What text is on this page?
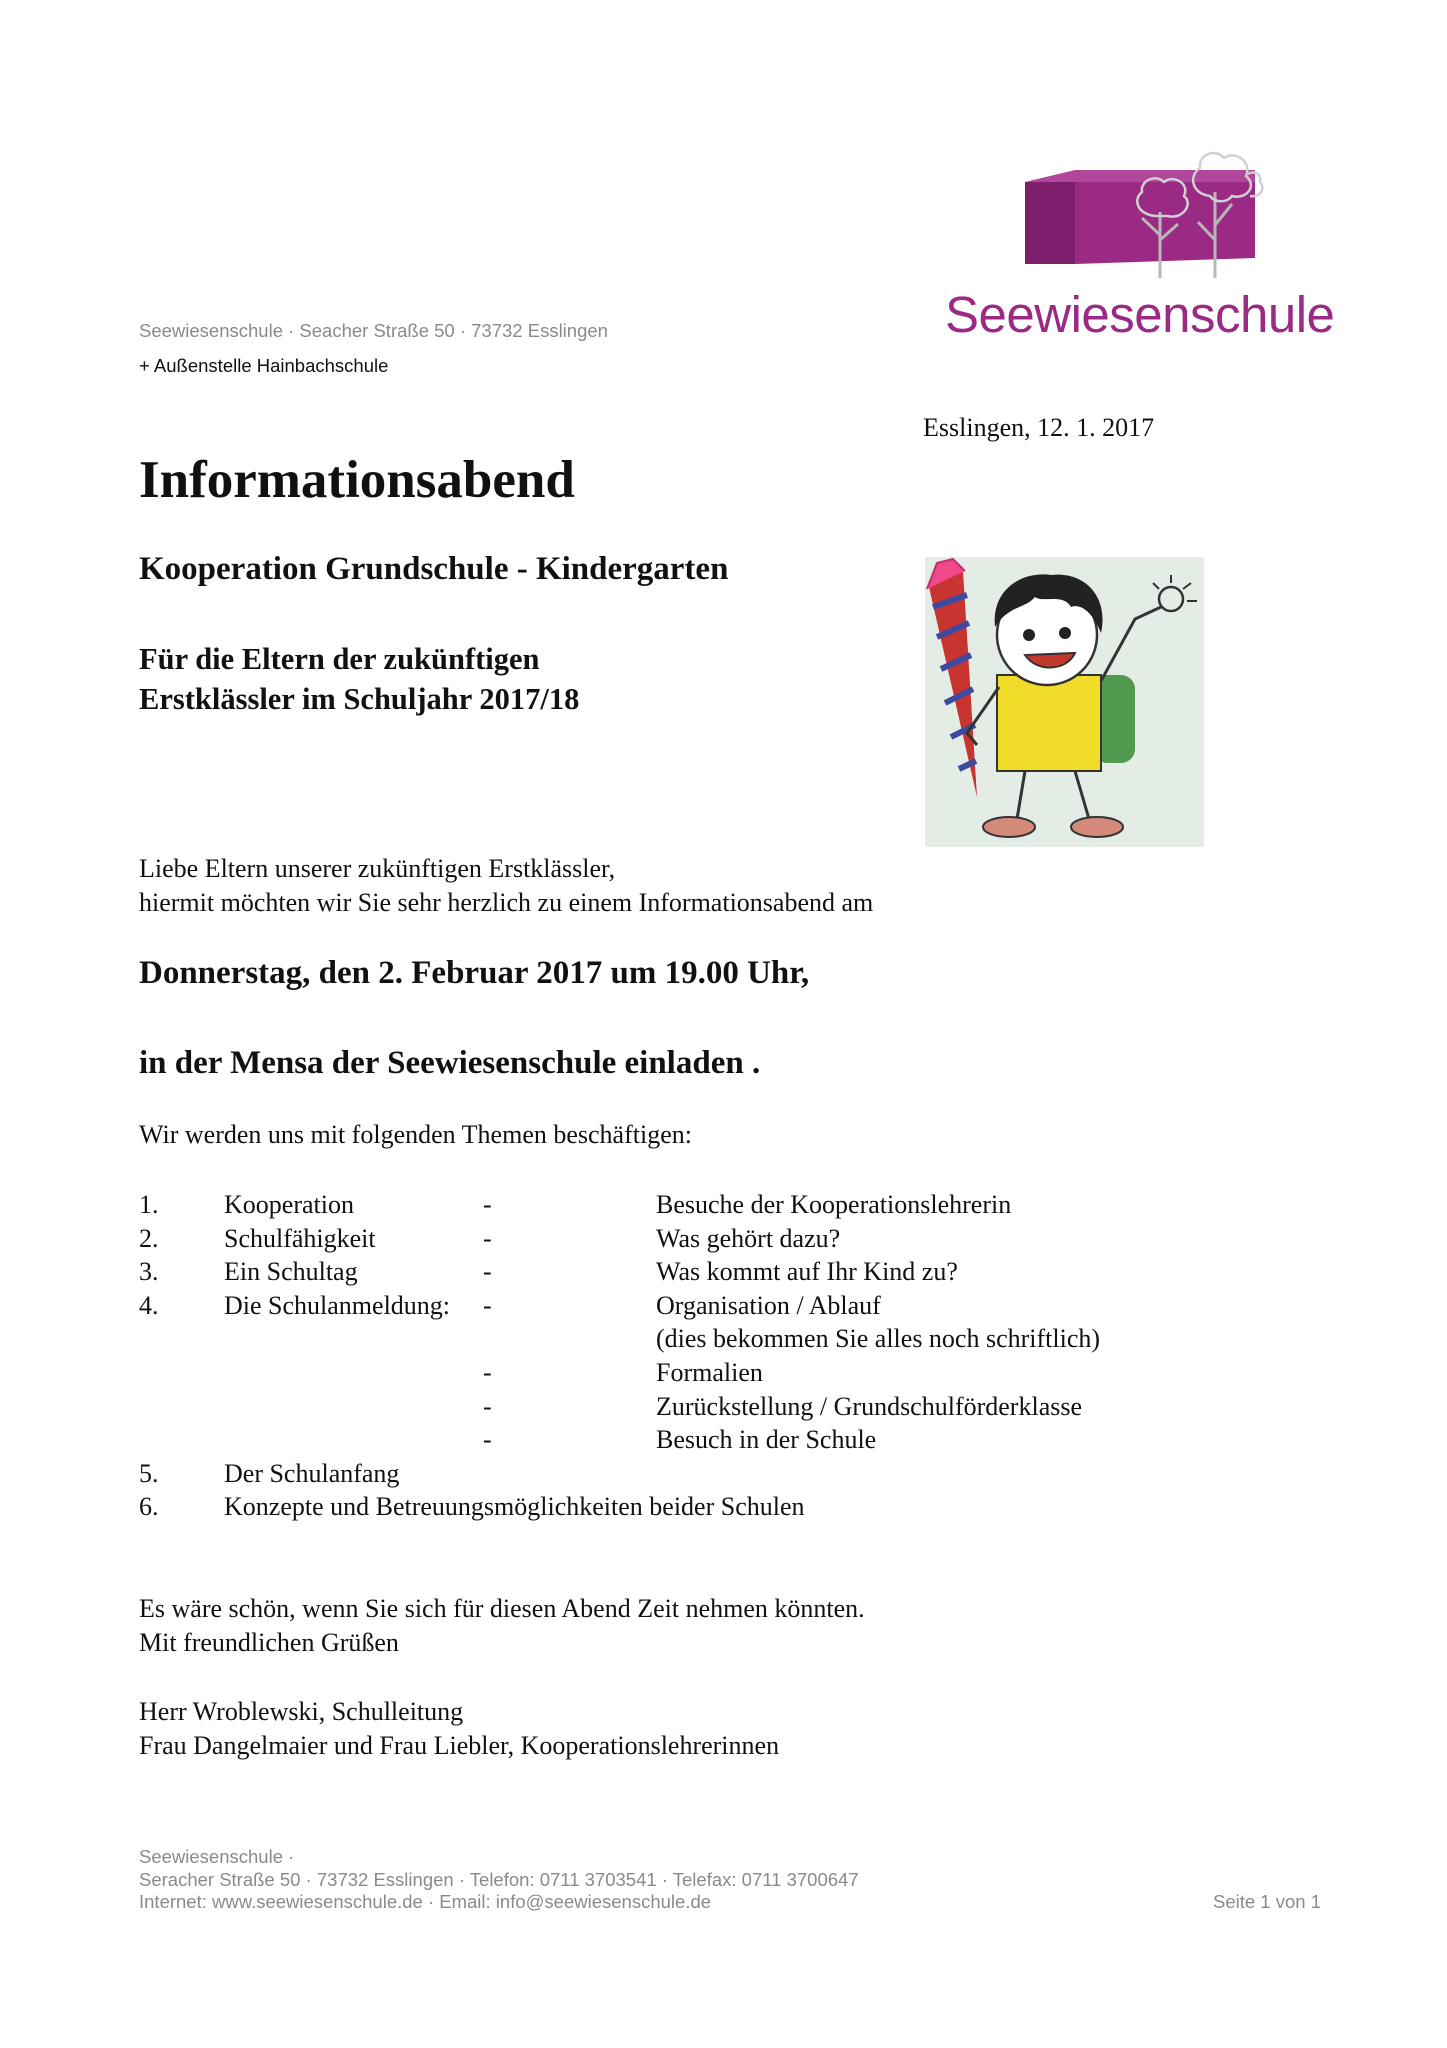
Seewiesenschule · Seacher Straße 50 · 73732 Esslingen
+ Außenstelle Hainbachschule
Seewiesenschule
Esslingen, 12. 1. 2017
Informationsabend
Kooperation Grundschule - Kindergarten
Für die Eltern der zukünftigen
Erstklässler im Schuljahr 2017/18
Liebe Eltern unserer zukünftigen Erstklässler,
hiermit möchten wir Sie sehr herzlich zu einem Informationsabend am
Donnerstag, den 2. Februar 2017 um 19.00 Uhr,
in der Mensa der Seewiesenschule einladen .
Wir werden uns mit folgenden Themen beschäftigen:
1.	Kooperation	-	Besuche der Kooperationslehrerin
2.	Schulfähigkeit	-	Was gehört dazu?
3.	Ein Schultag	-	Was kommt auf Ihr Kind zu?
4.	Die Schulanmeldung: -	Organisation / Ablauf
(dies bekommen Sie alles noch schriftlich)
-	Formalien
-	Zurückstellung / Grundschulförderklasse
-	Besuch in der Schule
5.	Der Schulanfang
6.	Konzepte und Betreuungsmöglichkeiten beider Schulen
Es wäre schön, wenn Sie sich für diesen Abend Zeit nehmen könnten.
Mit freundlichen Grüßen
Herr Wroblewski, Schulleitung
Frau Dangelmaier und Frau Liebler, Kooperationslehrerinnen
Seewiesenschule ·
Seracher Straße 50 · 73732 Esslingen · Telefon: 0711 3703541 · Telefax: 0711 3700647
Internet: www.seewiesenschule.de · Email: info@seewiesenschule.de	Seite 1 von 1
